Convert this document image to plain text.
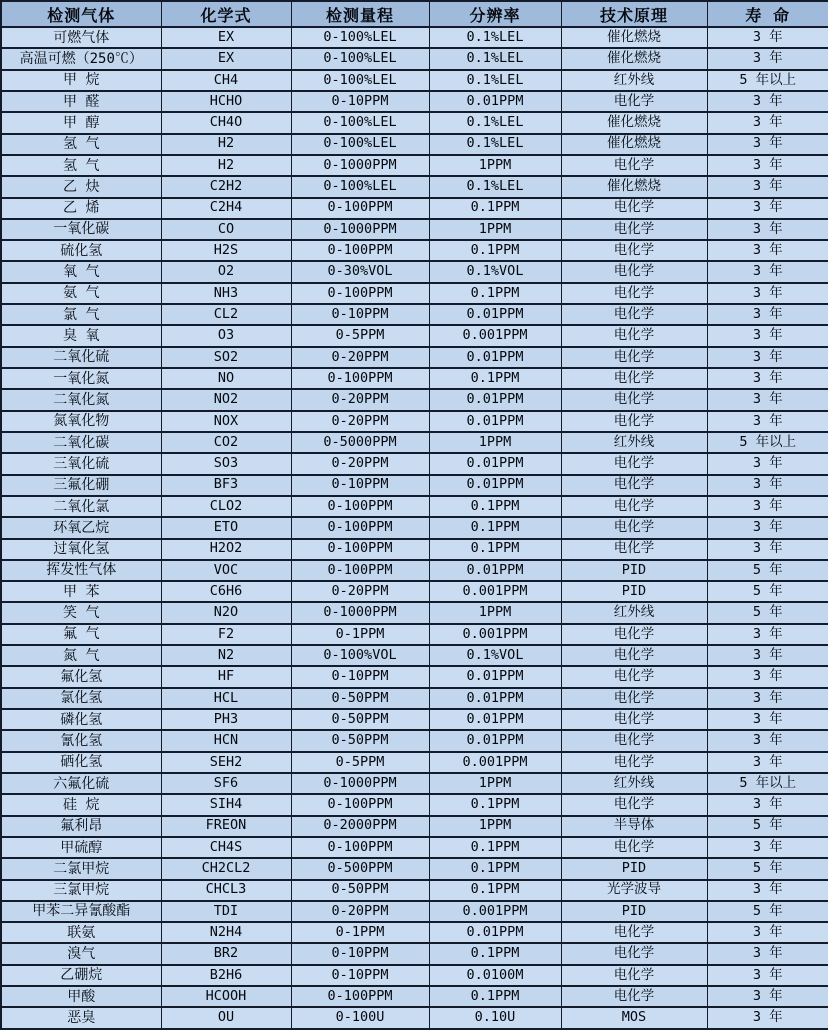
检测气体	化学式	检测量程	分辨率	技术原理	寿 命
可燃气体	EX	0-100%LEL	0.1%LEL	催化燃烧	3 年
高温可燃（250℃）	EX	0-100%LEL	0.1%LEL	催化燃烧	3 年
甲 烷	CH4	0-100%LEL	0.1%LEL	红外线	5 年以上
甲 醛	HCHO	0-10PPM	0.01PPM	电化学	3 年
甲 醇	CH4O	0-100%LEL	0.1%LEL	催化燃烧	3 年
氢 气	H2	0-100%LEL	0.1%LEL	催化燃烧	3 年
氢 气	H2	0-1000PPM	1PPM	电化学	3 年
乙 炔	C2H2	0-100%LEL	0.1%LEL	催化燃烧	3 年
乙 烯	C2H4	0-100PPM	0.1PPM	电化学	3 年
一氧化碳	CO	0-1000PPM	1PPM	电化学	3 年
硫化氢	H2S	0-100PPM	0.1PPM	电化学	3 年
氧 气	O2	0-30%VOL	0.1%VOL	电化学	3 年
氨 气	NH3	0-100PPM	0.1PPM	电化学	3 年
氯 气	CL2	0-10PPM	0.01PPM	电化学	3 年
臭 氧	O3	0-5PPM	0.001PPM	电化学	3 年
二氧化硫	SO2	0-20PPM	0.01PPM	电化学	3 年
一氧化氮	NO	0-100PPM	0.1PPM	电化学	3 年
二氧化氮	NO2	0-20PPM	0.01PPM	电化学	3 年
氮氧化物	NOX	0-20PPM	0.01PPM	电化学	3 年
二氧化碳	CO2	0-5000PPM	1PPM	红外线	5 年以上
三氧化硫	SO3	0-20PPM	0.01PPM	电化学	3 年
三氟化硼	BF3	0-10PPM	0.01PPM	电化学	3 年
二氧化氯	CLO2	0-100PPM	0.1PPM	电化学	3 年
环氧乙烷	ETO	0-100PPM	0.1PPM	电化学	3 年
过氧化氢	H2O2	0-100PPM	0.1PPM	电化学	3 年
挥发性气体	VOC	0-100PPM	0.01PPM	PID	5 年
甲 苯	C6H6	0-20PPM	0.001PPM	PID	5 年
笑 气	N2O	0-1000PPM	1PPM	红外线	5 年
氟 气	F2	0-1PPM	0.001PPM	电化学	3 年
氮 气	N2	0-100%VOL	0.1%VOL	电化学	3 年
氟化氢	HF	0-10PPM	0.01PPM	电化学	3 年
氯化氢	HCL	0-50PPM	0.01PPM	电化学	3 年
磷化氢	PH3	0-50PPM	0.01PPM	电化学	3 年
氰化氢	HCN	0-50PPM	0.01PPM	电化学	3 年
硒化氢	SEH2	0-5PPM	0.001PPM	电化学	3 年
六氟化硫	SF6	0-1000PPM	1PPM	红外线	5 年以上
硅 烷	SIH4	0-100PPM	0.1PPM	电化学	3 年
氟利昂	FREON	0-2000PPM	1PPM	半导体	5 年
甲硫醇	CH4S	0-100PPM	0.1PPM	电化学	3 年
二氯甲烷	CH2CL2	0-500PPM	0.1PPM	PID	5 年
三氯甲烷	CHCL3	0-50PPM	0.1PPM	光学波导	3 年
甲苯二异氰酸酯	TDI	0-20PPM	0.001PPM	PID	5 年
联氨	N2H4	0-1PPM	0.01PPM	电化学	3 年
溴气	BR2	0-10PPM	0.1PPM	电化学	3 年
乙硼烷	B2H6	0-10PPM	0.0100M	电化学	3 年
甲酸	HCOOH	0-100PPM	0.1PPM	电化学	3 年
恶臭	OU	0-100U	0.10U	MOS	3 年
